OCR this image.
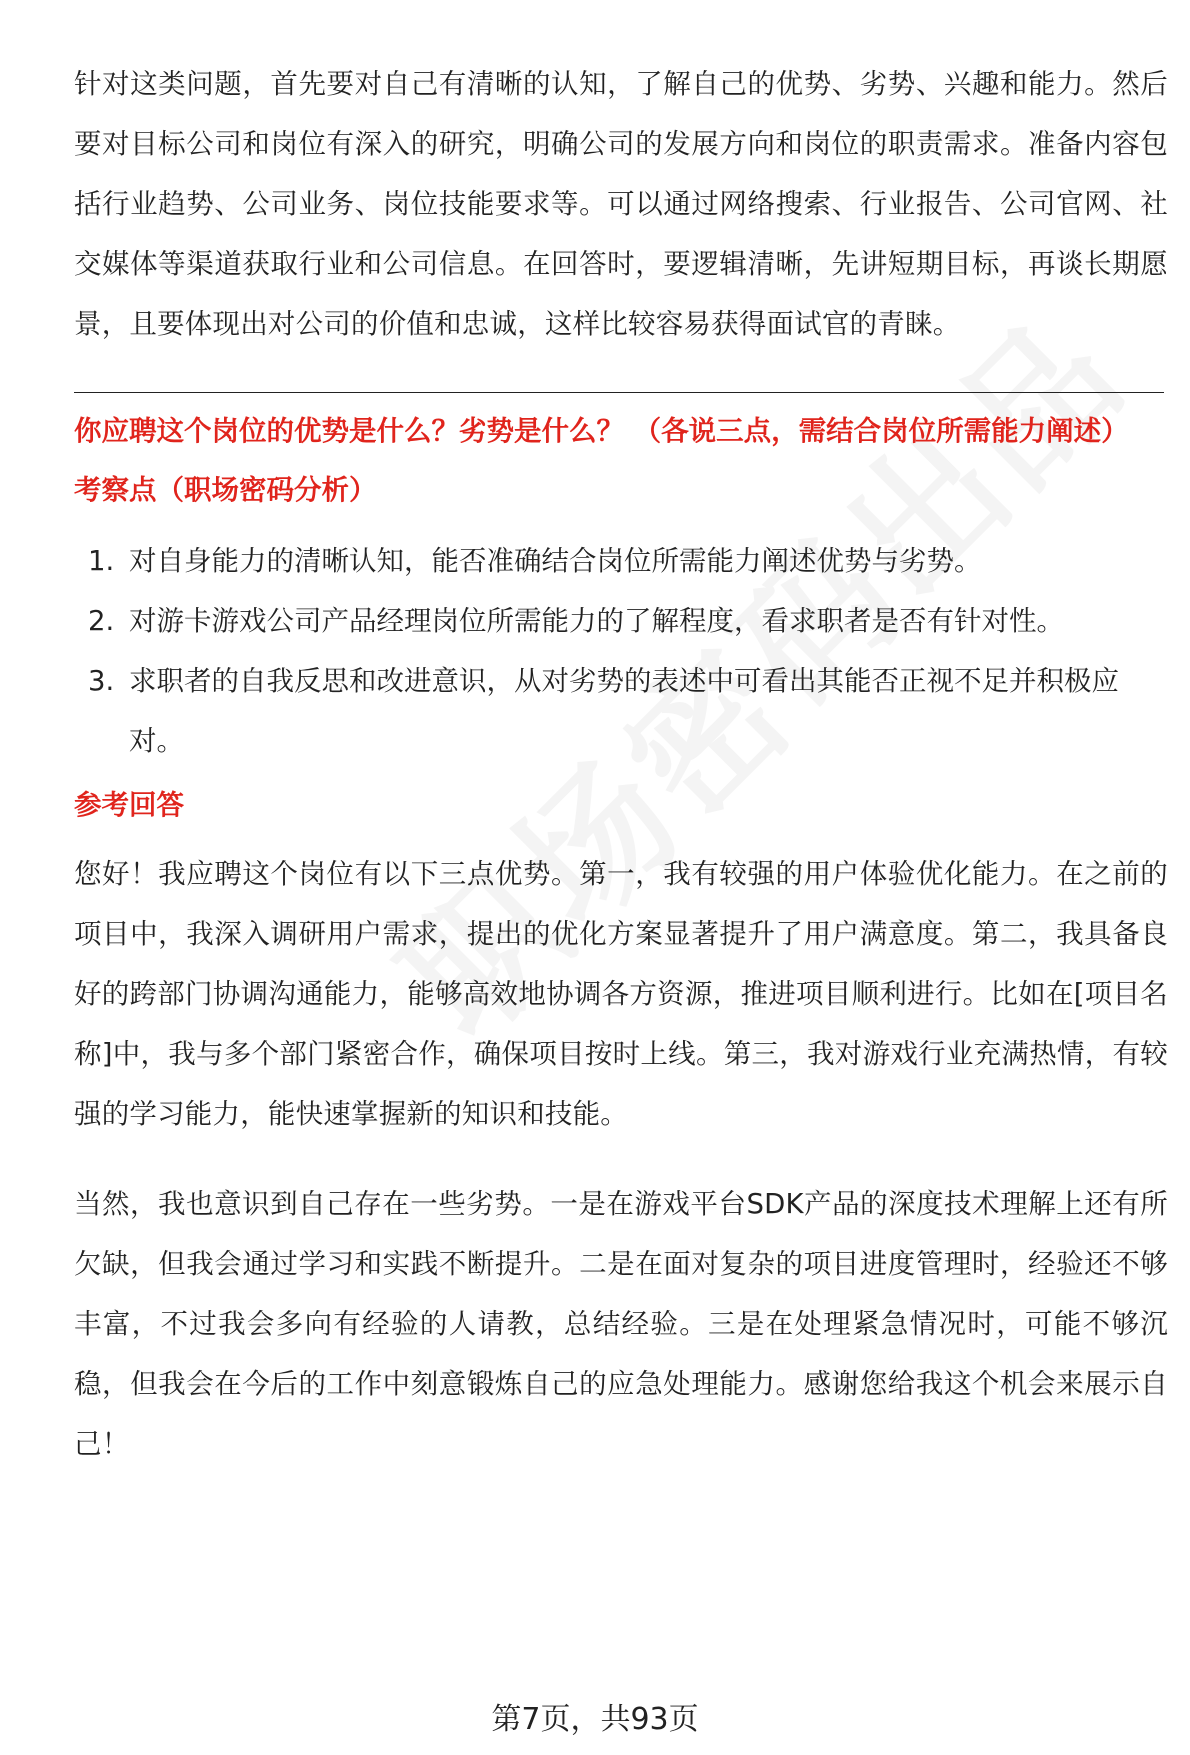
针对这类问题，首先要对自己有清晰的认知，了解自己的优势、劣势、兴趣和能力。然后要对目标公司和岗位有深入的研究，明确公司的发展方向和岗位的职责需求。准备内容包括行业趋势、公司业务、岗位技能要求等。可以通过网络搜索、行业报告、公司官网、社交媒体等渠道获取行业和公司信息。在回答时，要逻辑清晰，先讲短期目标，再谈长期愿景，且要体现出对公司的价值和忠诚，这样比较容易获得面试官的青睐。

你应聘这个岗位的优势是什么？劣势是什么？ （各说三点，需结合岗位所需能力阐述）
考察点（职场密码分析）
1. 对自身能力的清晰认知，能否准确结合岗位所需能力阐述优势与劣势。
2. 对游卡游戏公司产品经理岗位所需能力的了解程度，看求职者是否有针对性。
3. 求职者的自我反思和改进意识，从对劣势的表述中可看出其能否正视不足并积极应对。
参考回答

您好！我应聘这个岗位有以下三点优势。第一，我有较强的用户体验优化能力。在之前的项目中，我深入调研用户需求，提出的优化方案显著提升了用户满意度。第二，我具备良好的跨部门协调沟通能力，能够高效地协调各方资源，推进项目顺利进行。比如在[项目名称]中，我与多个部门紧密合作，确保项目按时上线。第三，我对游戏行业充满热情，有较强的学习能力，能快速掌握新的知识和技能。

当然，我也意识到自己存在一些劣势。一是在游戏平台SDK产品的深度技术理解上还有所欠缺，但我会通过学习和实践不断提升。二是在面对复杂的项目进度管理时，经验还不够丰富，不过我会多向有经验的人请教，总结经验。三是在处理紧急情况时，可能不够沉稳，但我会在今后的工作中刻意锻炼自己的应急处理能力。感谢您给我这个机会来展示自己！

第7页，共93页
